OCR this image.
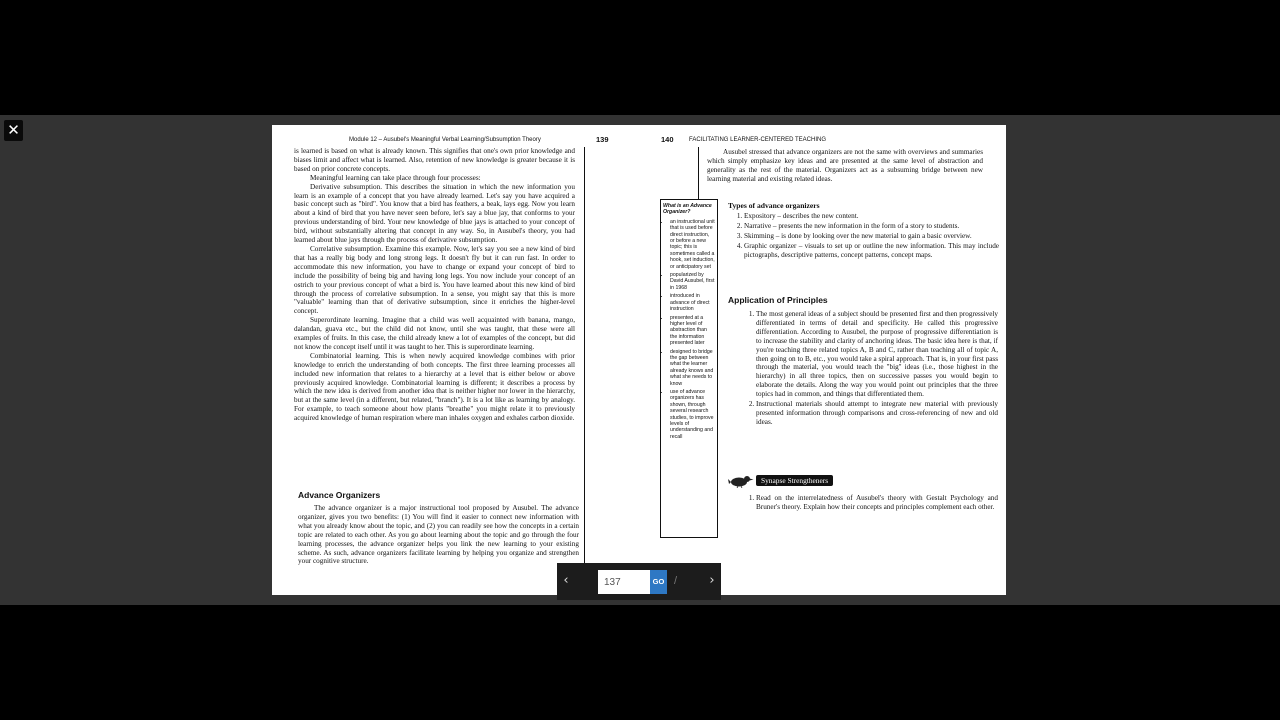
✕
Module 12 – Ausubel's Meaningful Verbal Learning/Subsumption Theory	139

is learned is based on what is already known. This signifies that one's own prior knowledge and biases limit and affect what is learned. Also, retention of new knowledge is greater because it is based on prior concrete concepts.

Meaningful learning can take place through four processes:

Derivative subsumption. This describes the situation in which the new information you learn is an example of a concept that you have already learned. Let's say you have acquired a basic concept such as "bird". You know that a bird has feathers, a beak, lays egg. Now you learn about a kind of bird that you have never seen before, let's say a blue jay, that conforms to your previous understanding of bird. Your new knowledge of blue jays is attached to your concept of bird, without substantially altering that concept in any way. So, in Ausubel's theory, you had learned about blue jays through the process of derivative subsumption.

Correlative subsumption. Examine this example. Now, let's say you see a new kind of bird that has a really big body and long strong legs. It doesn't fly but it can run fast. In order to accommodate this new information, you have to change or expand your concept of bird to include the possibility of being big and having long legs. You now include your concept of an ostrich to your previous concept of what a bird is. You have learned about this new kind of bird through the process of correlative subsumption. In a sense, you might say that this is more "valuable" learning than that of derivative subsumption, since it enriches the higher-level concept.

Superordinate learning. Imagine that a child was well acquainted with banana, mango, dalandan, guava etc., but the child did not know, until she was taught, that these were all examples of fruits. In this case, the child already knew a lot of examples of the concept, but did not know the concept itself until it was taught to her. This is superordinate learning.

Combinatorial learning. This is when newly acquired knowledge combines with prior knowledge to enrich the understanding of both concepts. The first three learning processes all included new information that relates to a hierarchy at a level that is either below or above previously acquired knowledge. Combinatorial learning is different; it describes a process by which the new idea is derived from another idea that is neither higher nor lower in the hierarchy, but at the same level (in a different, but related, "branch"). It is a lot like as learning by analogy. For example, to teach someone about how plants "breathe" you might relate it to previously acquired knowledge of human respiration where man inhales oxygen and exhales carbon dioxide.

Advance Organizers

The advance organizer is a major instructional tool proposed by Ausubel. The advance organizer, gives you two benefits: (1) You will find it easier to connect new information with what you already know about the topic, and (2) you can readily see how the concepts in a certain topic are related to each other. As you go about learning about the topic and go through the four learning processes, the advance organizer helps you link the new learning to your existing scheme. As such, advance organizers facilitate learning by helping you organize and strengthen your cognitive structure.

140	FACILITATING LEARNER-CENTERED TEACHING
What is an Advance Organizer?
• an instructional unit that is used before direct instruction, or before a new topic; this is sometimes called a hook, set induction, or anticipatory set
• popularized by David Ausubel, first in 1968
• introduced in advance of direct instruction
• presented at a higher level of abstraction than the information presented later
• designed to bridge the gap between what the learner already knows and what she needs to know
• use of advance organizers has shown, through several research studies, to improve levels of understanding and recall

Ausubel stressed that advance organizers are not the same with overviews and summaries which simply emphasize key ideas and are presented at the same level of abstraction and generality as the rest of the material. Organizers act as a subsuming bridge between new learning material and existing related ideas.

Types of advance organizers
1. Expository – describes the new content.
2. Narrative – presents the new information in the form of a story to students.
3. Skimming – is done by looking over the new material to gain a basic overview.
4. Graphic organizer – visuals to set up or outline the new information. This may include pictographs, descriptive patterns, concept patterns, concept maps.
Application of Principles
1. The most general ideas of a subject should be presented first and then progressively differentiated in terms of detail and specificity. He called this progressive differentiation. According to Ausubel, the purpose of progressive differentiation is to increase the stability and clarity of anchoring ideas. The basic idea here is that, if you're teaching three related topics A, B and C, rather than teaching all of topic A, then going on to B, etc., you would take a spiral approach. That is, in your first pass through the material, you would teach the "big" ideas (i.e., those highest in the hierarchy) in all three topics, then on successive passes you would begin to elaborate the details. Along the way you would point out principles that the three topics had in common, and things that differentiated them.
2. Instructional materials should attempt to integrate new material with previously presented information through comparisons and cross-referencing of new and old ideas.
Synapse Strengtheners
1. Read on the interrelatedness of Ausubel's theory with Gestalt Psychology and Bruner's theory. Explain how their concepts and principles complement each other.
‹
137	GO /	›
